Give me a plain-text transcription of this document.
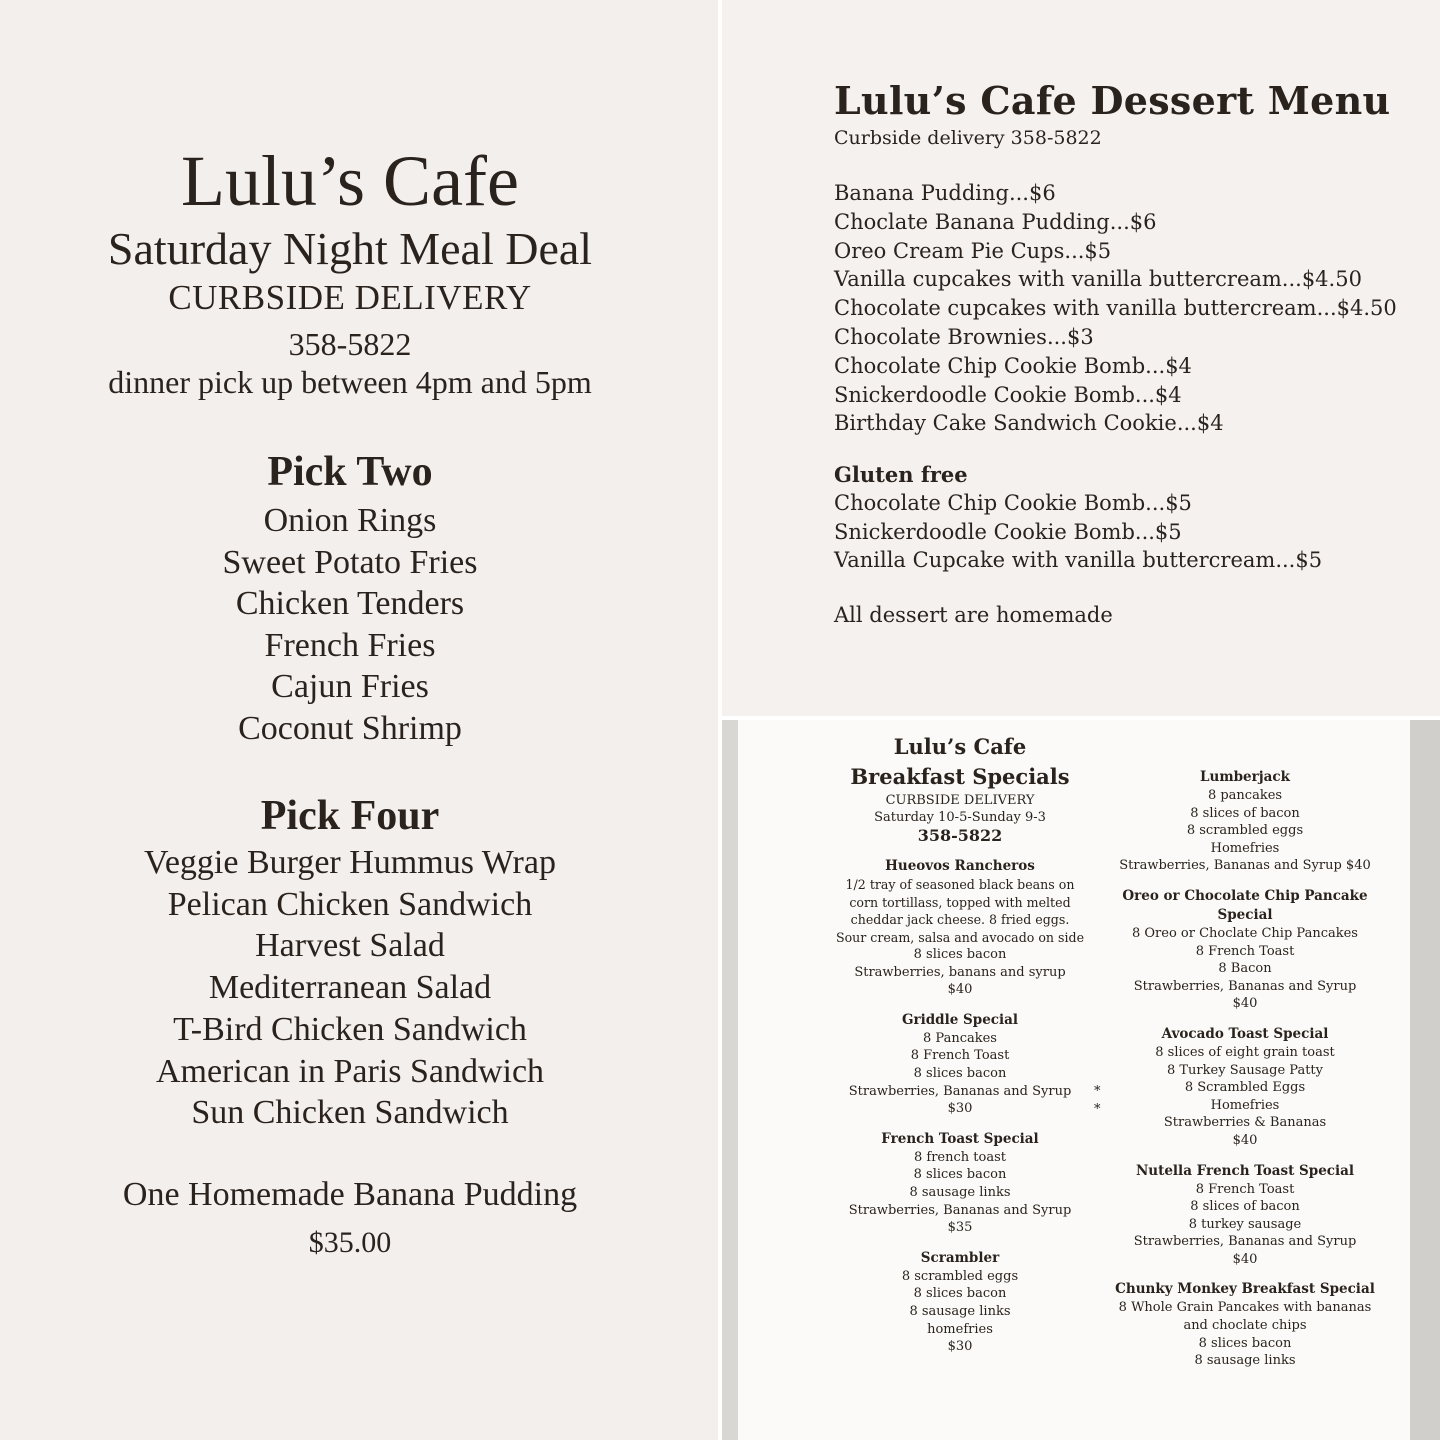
Lulu’s Cafe
Saturday Night Meal Deal
CURBSIDE DELIVERY
358-5822
dinner pick up between 4pm and 5pm
Pick Two
Onion Rings
Sweet Potato Fries
Chicken Tenders
French Fries
Cajun Fries
Coconut Shrimp
Pick Four
Veggie Burger Hummus Wrap
Pelican Chicken Sandwich
Harvest Salad
Mediterranean Salad
T-Bird Chicken Sandwich
American in Paris Sandwich
Sun Chicken Sandwich
One Homemade Banana Pudding
$35.00
Lulu’s Cafe Dessert Menu
Curbside delivery 358-5822
Banana Pudding...$6
Choclate Banana Pudding...$6
Oreo Cream Pie Cups...$5
Vanilla cupcakes with vanilla buttercream...$4.50
Chocolate cupcakes with vanilla buttercream...$4.50
Chocolate Brownies...$3
Chocolate Chip Cookie Bomb...$4
Snickerdoodle Cookie Bomb...$4
Birthday Cake Sandwich Cookie...$4
Gluten free
Chocolate Chip Cookie Bomb...$5
Snickerdoodle Cookie Bomb...$5
Vanilla Cupcake with vanilla buttercream...$5
All dessert are homemade
Lulu’s Cafe
Breakfast Specials
CURBSIDE DELIVERY
Saturday 10-5-Sunday 9-3
358-5822
Hueovos Rancheros
1/2 tray of seasoned black beans on corn tortillass, topped with melted cheddar jack cheese. 8 fried eggs. Sour cream, salsa and avocado on side
8 slices bacon
Strawberries, banans and syrup
$40
Griddle Special
8 Pancakes
8 French Toast
8 slices bacon
Strawberries, Bananas and Syrup
$30
French Toast Special
8 french toast
8 slices bacon
8 sausage links
Strawberries, Bananas and Syrup
$35
Scrambler
8 scrambled eggs
8 slices bacon
8 sausage links
homefries
$30
Lumberjack
8 pancakes
8 slices of bacon
8 scrambled eggs
Homefries
Strawberries, Bananas and Syrup $40
Oreo or Chocolate Chip Pancake Special
8 Oreo or Choclate Chip Pancakes
8 French Toast
8 Bacon
Strawberries, Bananas and Syrup
$40
Avocado Toast Special
8 slices of eight grain toast
8 Turkey Sausage Patty
8 Scrambled Eggs
Homefries
Strawberries & Bananas
$40
Nutella French Toast Special
8 French Toast
8 slices of bacon
8 turkey sausage
Strawberries, Bananas and Syrup
$40
Chunky Monkey Breakfast Special
8 Whole Grain Pancakes with bananas
and choclate chips
8 slices bacon
8 sausage links
*
*
